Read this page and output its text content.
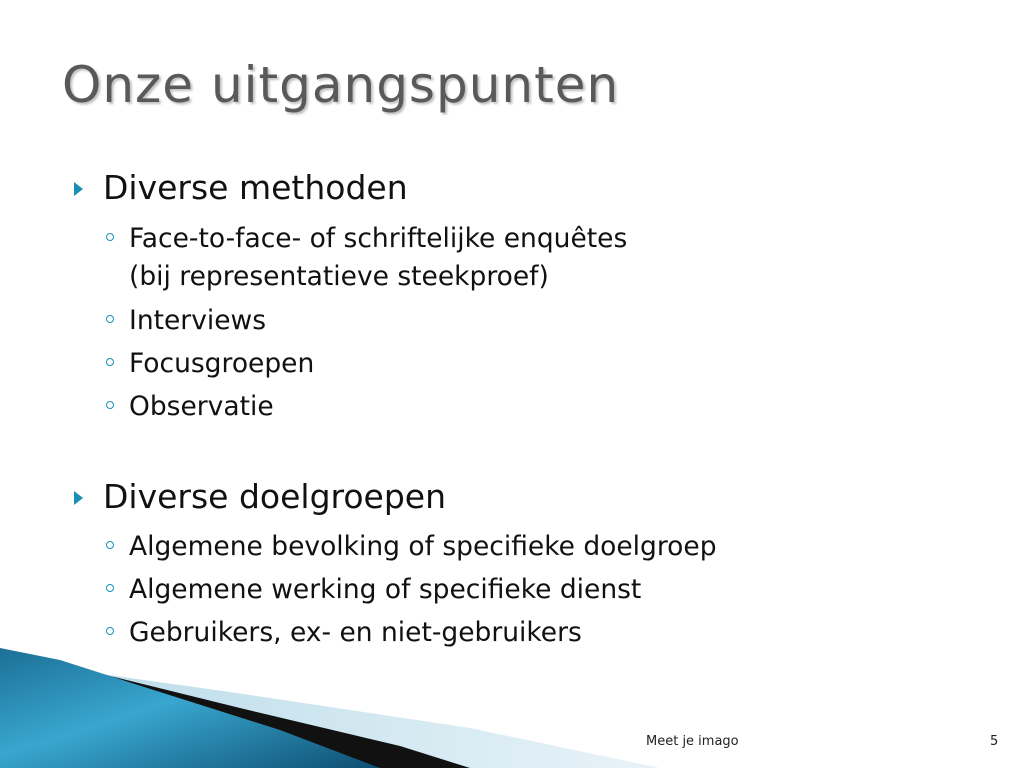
Onze uitgangspunten
Diverse methoden
Face-to-face- of schriftelijke enquêtes
(bij representatieve steekproef)
Interviews
Focusgroepen
Observatie
Diverse doelgroepen
Algemene bevolking of specifieke doelgroep
Algemene werking of specifieke dienst
Gebruikers, ex- en niet-gebruikers
Meet je imago	5
